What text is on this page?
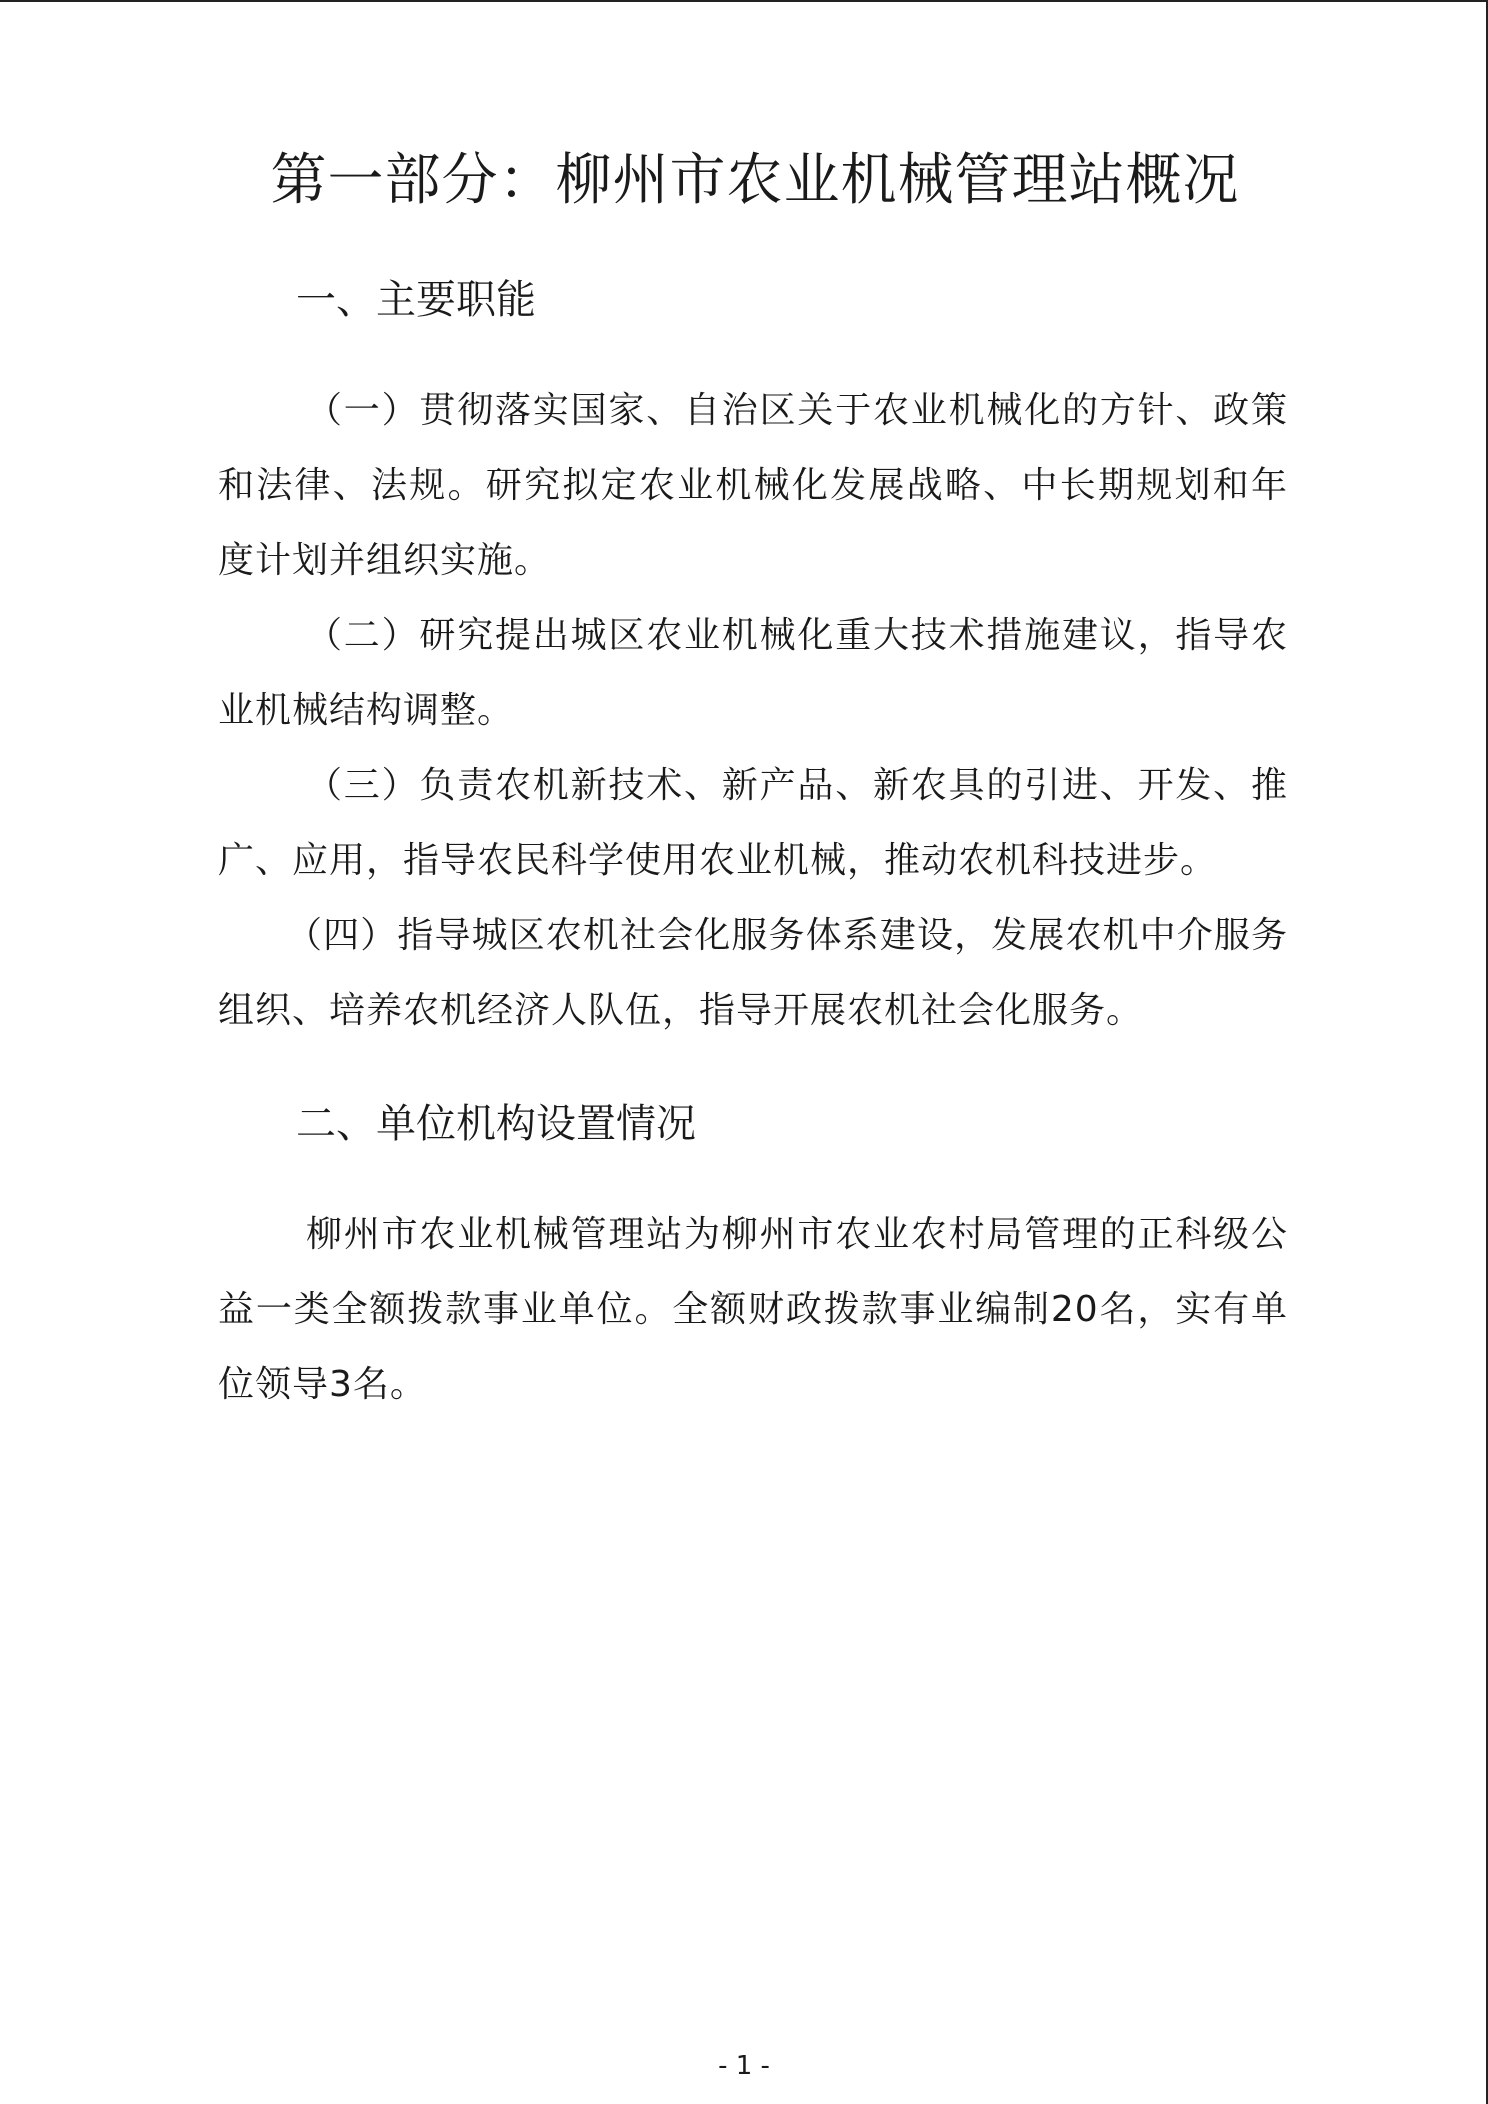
第一部分：柳州市农业机械管理站概况
一、主要职能

（一）贯彻落实国家、自治区关于农业机械化的方针、政策和法律、法规。研究拟定农业机械化发展战略、中长期规划和年度计划并组织实施。

（二）研究提出城区农业机械化重大技术措施建议，指导农业机械结构调整。

（三）负责农机新技术、新产品、新农具的引进、开发、推广、应用，指导农民科学使用农业机械，推动农机科技进步。

（四）指导城区农机社会化服务体系建设，发展农机中介服务组织、培养农机经济人队伍，指导开展农机社会化服务。

二、单位机构设置情况

柳州市农业机械管理站为柳州市农业农村局管理的正科级公益一类全额拨款事业单位。全额财政拨款事业编制20名，实有单位领导3名。

- 1 -
